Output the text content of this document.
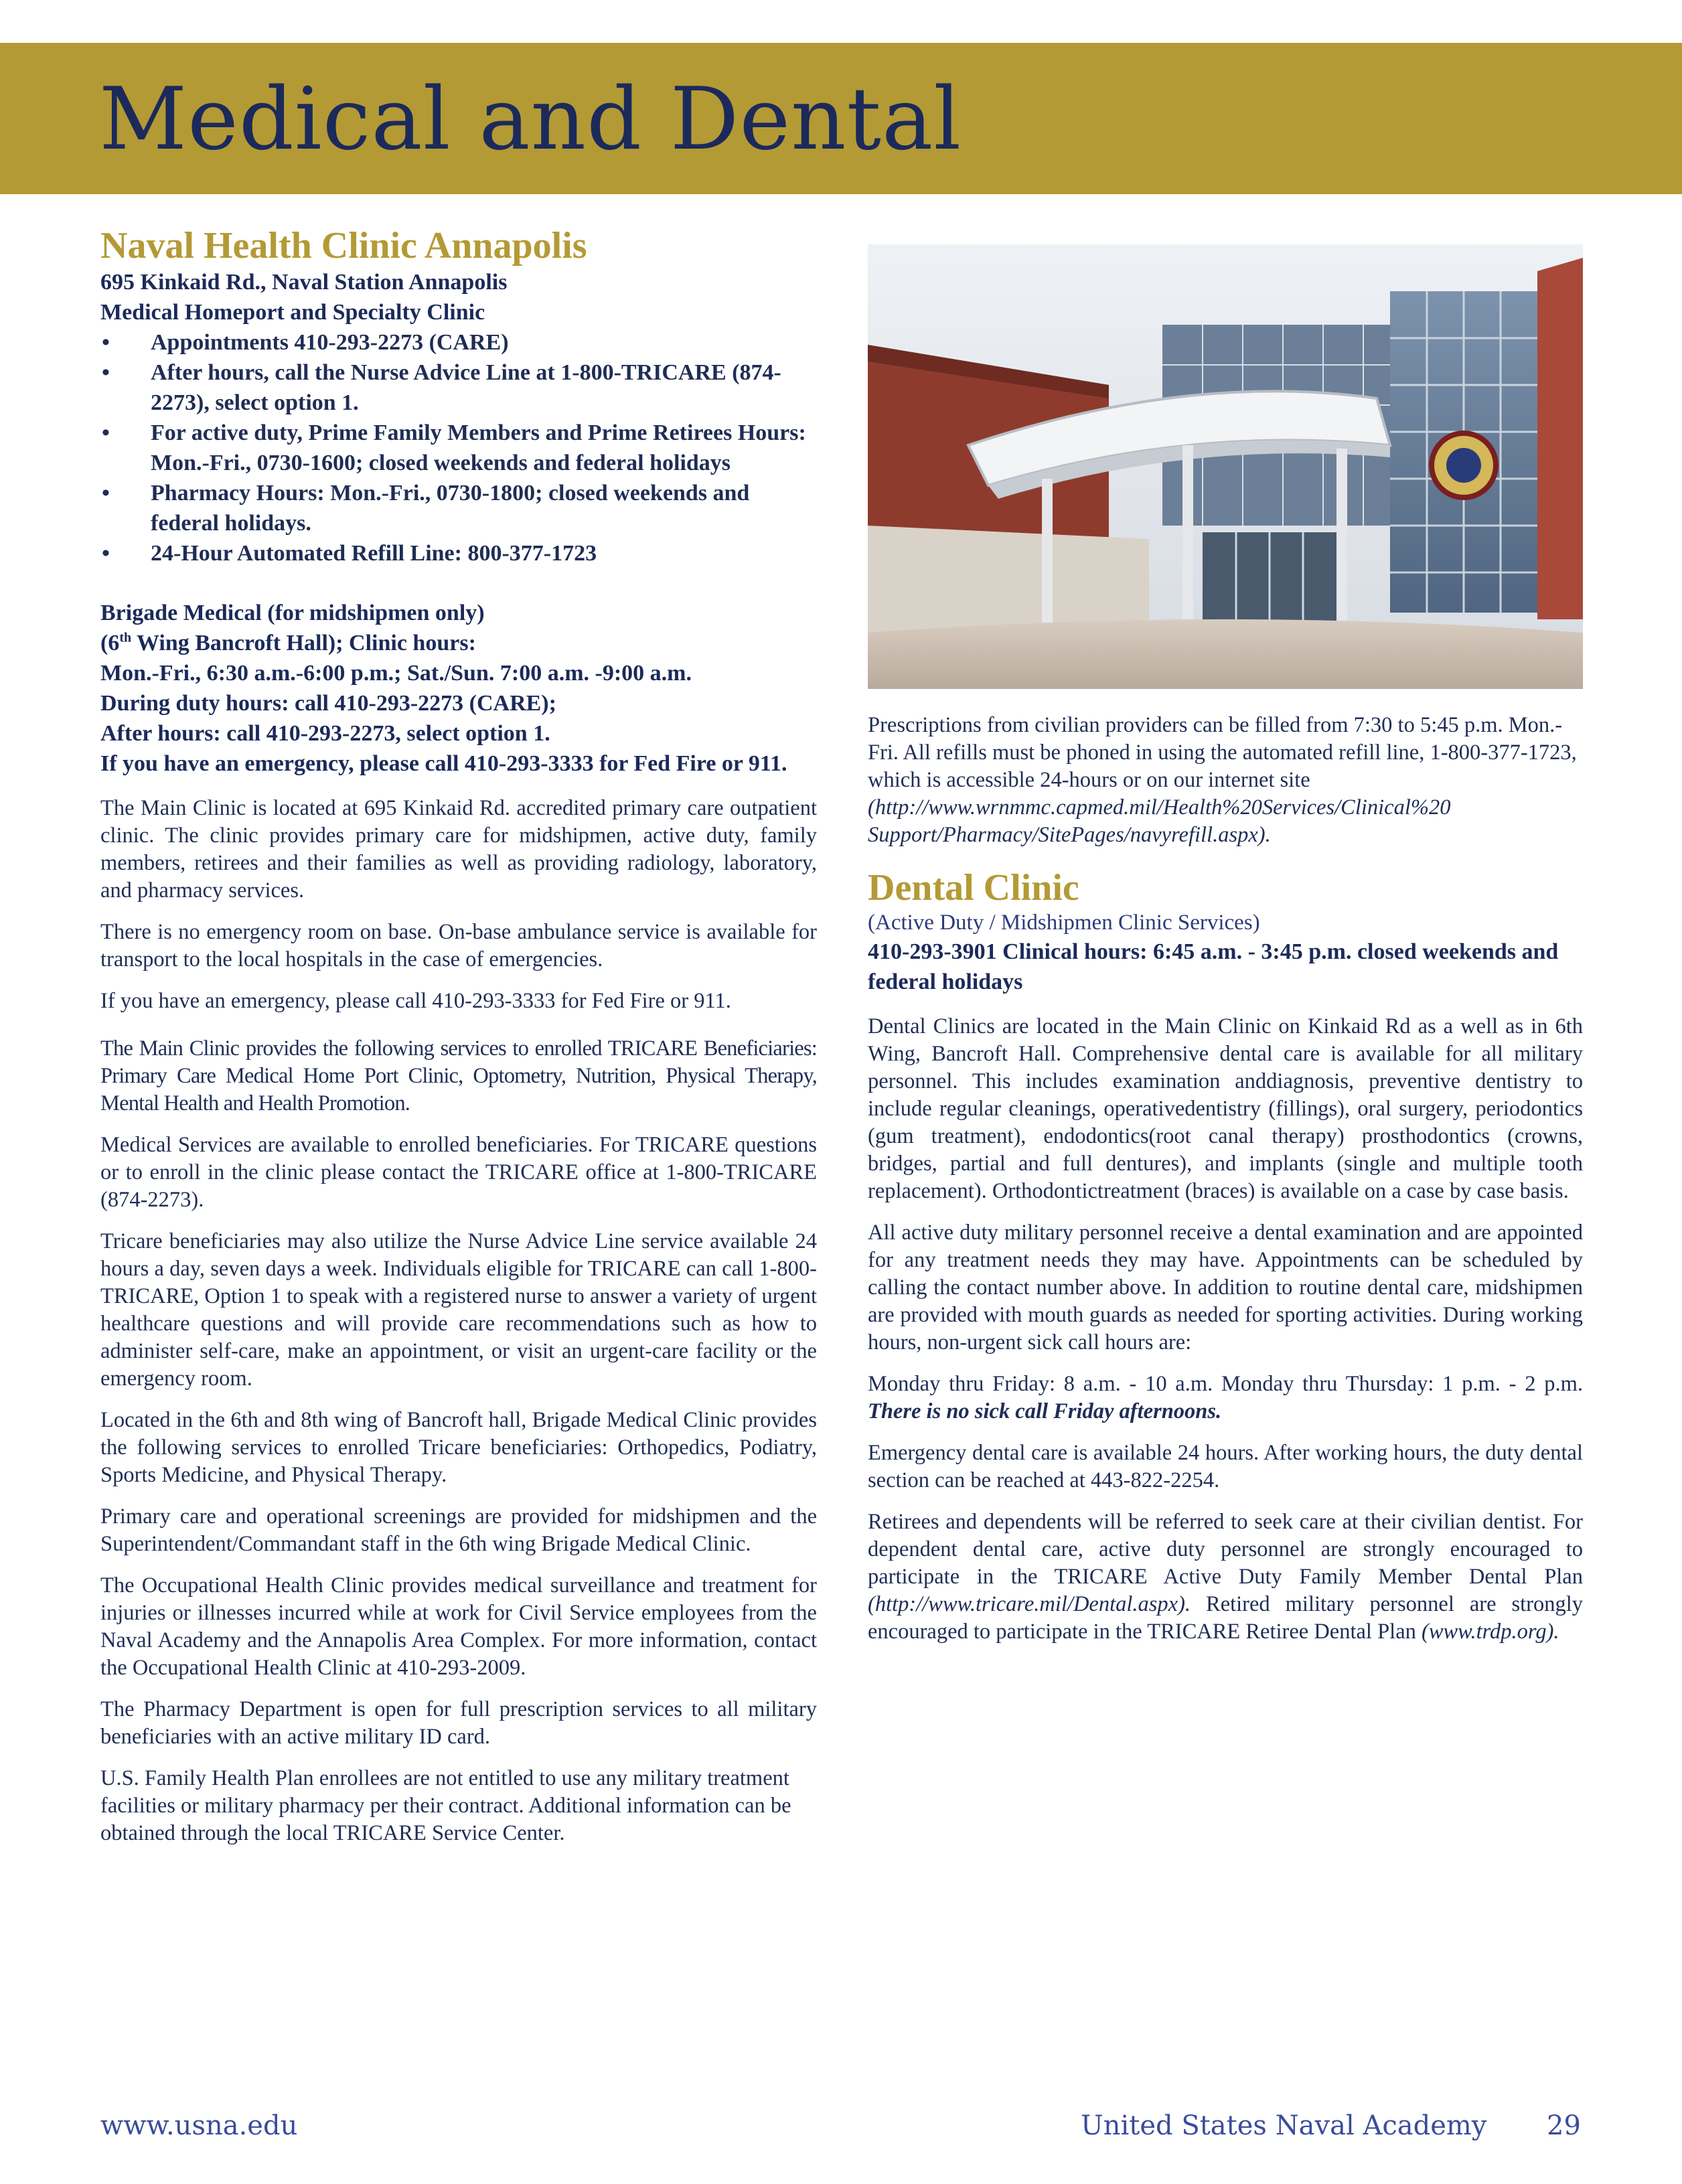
Medical and Dental
Naval Health Clinic Annapolis

695 Kinkaid Rd., Naval Station Annapolis

Medical Homeport and Specialty Clinic

• Appointments 410-293-2273 (CARE)
• After hours, call the Nurse Advice Line at 1-800-TRICARE (874-2273), select option 1.
• For active duty, Prime Family Members and Prime Retirees Hours: Mon.-Fri., 0730-1600; closed weekends and federal holidays
• Pharmacy Hours: Mon.-Fri., 0730-1800; closed weekends and federal holidays.
• 24-Hour Automated Refill Line: 800-377-1723

Brigade Medical (for midshipmen only)

(6th Wing Bancroft Hall); Clinic hours:

Mon.-Fri., 6:30 a.m.-6:00 p.m.; Sat./Sun. 7:00 a.m. -9:00 a.m.

During duty hours: call 410-293-2273 (CARE);

After hours: call 410-293-2273, select option 1.

If you have an emergency, please call 410-293-3333 for Fed Fire or 911.

The Main Clinic is located at 695 Kinkaid Rd. accredited primary care outpatient clinic. The clinic provides primary care for midshipmen, active duty, family members, retirees and their families as well as providing radiology, laboratory, and pharmacy services.

There is no emergency room on base. On-base ambulance service is available for transport to the local hospitals in the case of emergencies.

If you have an emergency, please call 410-293-3333 for Fed Fire or 911.

The Main Clinic provides the following services to enrolled TRICARE Beneficiaries: Primary Care Medical Home Port Clinic, Optometry, Nutrition, Physical Therapy, Mental Health and Health Promotion.

Medical Services are available to enrolled beneficiaries. For TRICARE questions or to enroll in the clinic please contact the TRICARE office at 1-800-TRICARE (874-2273).

Tricare beneficiaries may also utilize the Nurse Advice Line service available 24 hours a day, seven days a week. Individuals eligible for TRICARE can call 1-800-TRICARE, Option 1 to speak with a registered nurse to answer a variety of urgent healthcare questions and will provide care recommendations such as how to administer self-care, make an appointment, or visit an urgent-care facility or the emergency room.

Located in the 6th and 8th wing of Bancroft hall, Brigade Medical Clinic provides the following services to enrolled Tricare beneficiaries: Orthopedics, Podiatry, Sports Medicine, and Physical Therapy.

Primary care and operational screenings are provided for midshipmen and the Superintendent/Commandant staff in the 6th wing Brigade Medical Clinic.

The Occupational Health Clinic provides medical surveillance and treatment for injuries or illnesses incurred while at work for Civil Service employees from the Naval Academy and the Annapolis Area Complex. For more information, contact the Occupational Health Clinic at 410-293-2009.

The Pharmacy Department is open for full prescription services to all military beneficiaries with an active military ID card.

U.S. Family Health Plan enrollees are not entitled to use any military treatment facilities or military pharmacy per their contract. Additional information can be obtained through the local TRICARE Service Center.

Prescriptions from civilian providers can be filled from 7:30 to 5:45 p.m. Mon.-Fri. All refills must be phoned in using the automated refill line, 1-800-377-1723, which is accessible 24-hours or on our internet site (http://www.wrnmmc.capmed.mil/Health%20Services/Clinical%20 Support/Pharmacy/SitePages/navyrefill.aspx).

Dental Clinic

(Active Duty / Midshipmen Clinic Services)

410-293-3901 Clinical hours: 6:45 a.m. - 3:45 p.m. closed weekends and federal holidays

Dental Clinics are located in the Main Clinic on Kinkaid Rd as a well as in 6th Wing, Bancroft Hall. Comprehensive dental care is available for all military personnel. This includes examination anddiagnosis, preventive dentistry to include regular cleanings, operativedentistry (fillings), oral surgery, periodontics (gum treatment), endodontics(root canal therapy) prosthodontics (crowns, bridges, partial and full dentures), and implants (single and multiple tooth replacement). Orthodontictreatment (braces) is available on a case by case basis.

All active duty military personnel receive a dental examination and are appointed for any treatment needs they may have. Appointments can be scheduled by calling the contact number above. In addition to routine dental care, midshipmen are provided with mouth guards as needed for sporting activities. During working hours, non-urgent sick call hours are:

Monday thru Friday: 8 a.m. - 10 a.m. Monday thru Thursday: 1 p.m. - 2 p.m. There is no sick call Friday afternoons.

Emergency dental care is available 24 hours. After working hours, the duty dental section can be reached at 443-822-2254.

Retirees and dependents will be referred to seek care at their civilian dentist. For dependent dental care, active duty personnel are strongly encouraged to participate in the TRICARE Active Duty Family Member Dental Plan (http://www.tricare.mil/Dental.aspx). Retired military personnel are strongly encouraged to participate in the TRICARE Retiree Dental Plan (www.trdp.org).

www.usna.edu	United States Naval Academy 29
